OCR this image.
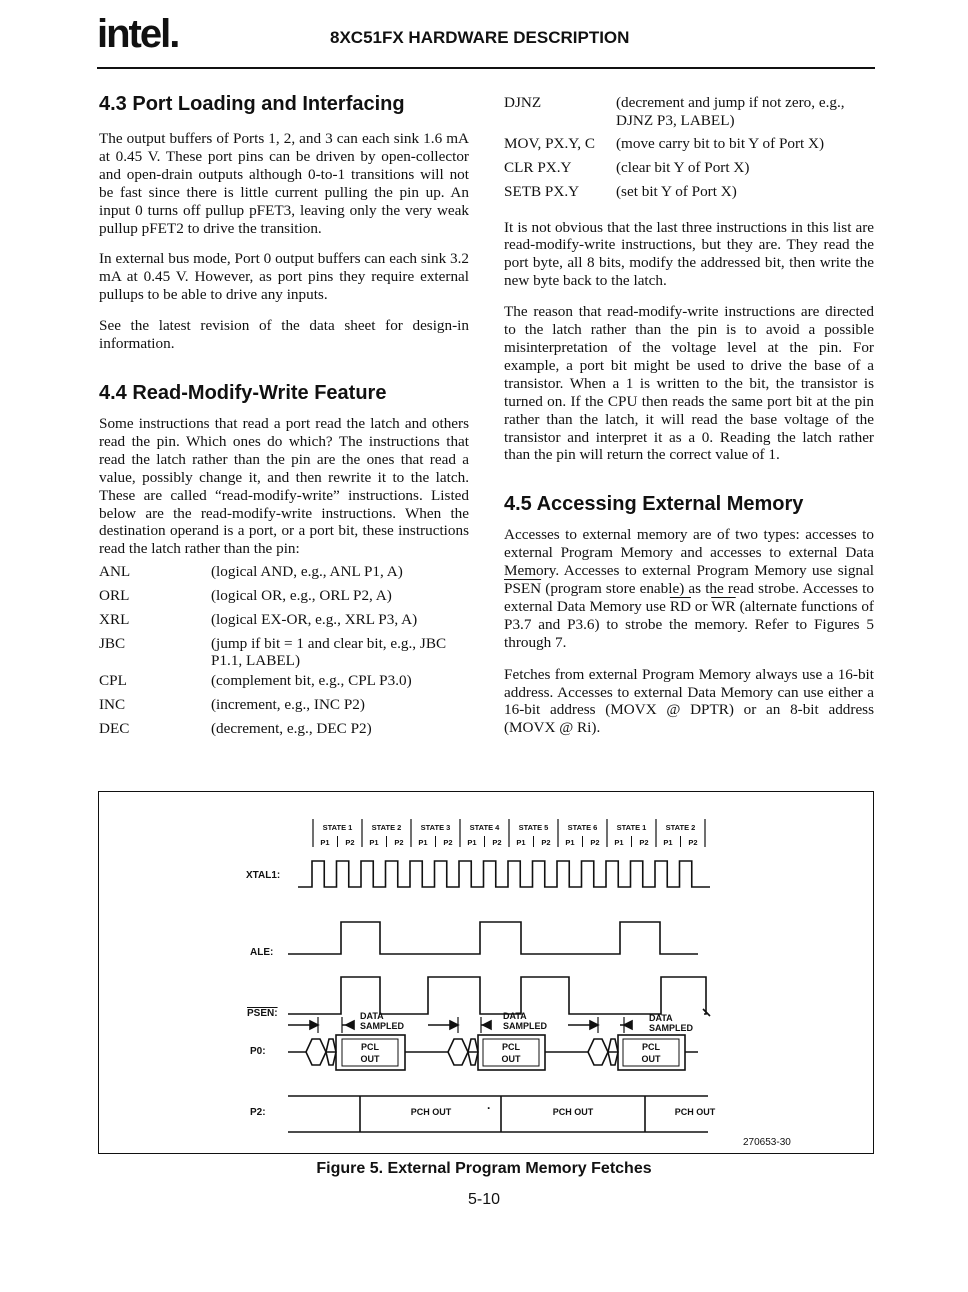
intel.	8XC51FX HARDWARE DESCRIPTION
4.3 Port Loading and Interfacing

The output buffers of Ports 1, 2, and 3 can each sink 1.6 mA at 0.45 V. These port pins can be driven by open-collector and open-drain outputs although 0-to-1 transitions will not be fast since there is little current pulling the pin up. An input 0 turns off pullup pFET3, leaving only the very weak pullup pFET2 to drive the transition.

In external bus mode, Port 0 output buffers can each sink 3.2 mA at 0.45 V. However, as port pins they require external pullups to be able to drive any inputs.

See the latest revision of the data sheet for design-in information.

4.4 Read-Modify-Write Feature

Some instructions that read a port read the latch and others read the pin. Which ones do which? The instructions that read the latch rather than the pin are the ones that read a value, possibly change it, and then rewrite it to the latch. These are called “read-modify-write” instructions. Listed below are the read-modify-write instructions. When the destination operand is a port, or a port bit, these instructions read the latch rather than the pin:

ANL	(logical AND, e.g., ANL P1, A)
ORL	(logical OR, e.g., ORL P2, A)
XRL	(logical EX-OR, e.g., XRL P3, A)
JBC	(jump if bit = 1 and clear bit, e.g., JBC P1.1, LABEL)
CPL	(complement bit, e.g., CPL P3.0)
INC	(increment, e.g., INC P2)
DEC	(decrement, e.g., DEC P2)
DJNZ	(decrement and jump if not zero, e.g., DJNZ P3, LABEL)
MOV, PX.Y, C	(move carry bit to bit Y of Port X)
CLR PX.Y	(clear bit Y of Port X)
SETB PX.Y	(set bit Y of Port X)

It is not obvious that the last three instructions in this list are read-modify-write instructions, but they are. They read the port byte, all 8 bits, modify the addressed bit, then write the new byte back to the latch.

The reason that read-modify-write instructions are directed to the latch rather than the pin is to avoid a possible misinterpretation of the voltage level at the pin. For example, a port bit might be used to drive the base of a transistor. When a 1 is written to the bit, the transistor is turned on. If the CPU then reads the same port bit at the pin rather than the latch, it will read the base voltage of the transistor and interpret it as a 0. Reading the latch rather than the pin will return the correct value of 1.

4.5 Accessing External Memory

Accesses to external memory are of two types: accesses to external Program Memory and accesses to external Data Memory. Accesses to external Program Memory use signal PSEN (program store enable) as the read strobe. Accesses to external Data Memory use $\overline{RD}$ or $\overline{WR}$ (alternate functions of P3.7 and P3.6) to strobe the memory. Refer to Figures 5 through 7.

Fetches from external Program Memory always use a 16-bit address. Accesses to external Data Memory can use either a 16-bit address (MOVX @ DPTR) or an 8-bit address (MOVX @ Ri).

STATE 1
P1 P2
STATE 2
P1 P2
STATE 3
P1 P2
STATE 4
P1 P2
STATE 5
P1 P2
STATE 6
P1 P2
STATE 1
P1 P2
STATE 2
P1 P2
XTAL1:
ALE:
PSEN:
P0:
P2:
DATA
SAMPLED
DATA
SAMPLED
DATA
SAMPLED
PCL
OUT
PCL
OUT
PCL
OUT
PCH OUT	PCH OUT	PCH OUT
·
270653-30
Figure 5. External Program Memory Fetches
5-10
